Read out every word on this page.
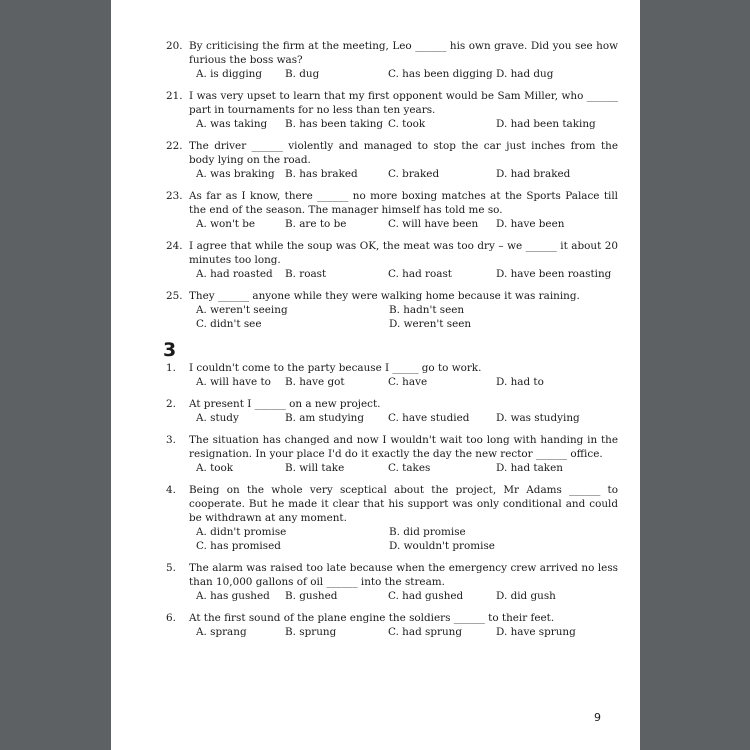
20. By criticising the firm at the meeting, Leo ______ his own grave. Did you see how furious the boss was?
A. is digging	B. dug	C. has been digging D. had dug
21. I was very upset to learn that my first opponent would be Sam Miller, who ______ part in tournaments for no less than ten years.
A. was taking	B. has been taking C. took	D. had been taking
22. The driver ______ violently and managed to stop the car just inches from the body lying on the road.
A. was braking B. has braked	C. braked	D. had braked
23. As far as I know, there ______ no more boxing matches at the Sports Palace till the end of the season. The manager himself has told me so.
A. won't be	B. are to be	C. will have been	D. have been
24. I agree that while the soup was OK, the meat was too dry – we ______ it about 20 minutes too long.
A. had roasted	B. roast	C. had roast	D. have been roasting
25. They ______ anyone while they were walking home because it was raining.
A. weren't seeing	B. hadn't seen
C. didn't see	D. weren't seen
3
1.	I couldn't come to the party because I _____ go to work.
A. will have to	B. have got	C. have	D. had to
2.	At present I ______ on a new project.
A. study	B. am studying	C. have studied	D. was studying
3.	The situation has changed and now I wouldn't wait too long with handing in the resignation. In your place I'd do it exactly the day the new rector ______ office.
A. took	B. will take	C. takes	D. had taken
4.	Being on the whole very sceptical about the project, Mr Adams ______ to cooperate. But he made it clear that his support was only conditional and could be withdrawn at any moment.
A. didn't promise	B. did promise
C. has promised	D. wouldn't promise
5.	The alarm was raised too late because when the emergency crew arrived no less than 10,000 gallons of oil ______ into the stream.
A. has gushed	B. gushed	C. had gushed	D. did gush
6.	At the first sound of the plane engine the soldiers ______ to their feet.
A. sprang	B. sprung	C. had sprung	D. have sprung
9
